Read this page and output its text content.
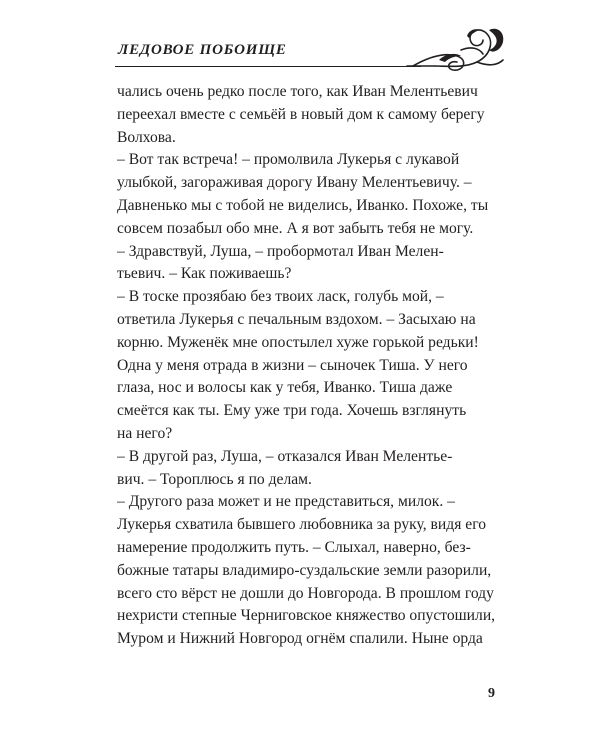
ЛЕДОВОЕ ПОБОИЩЕ
чались очень редко после того, как Иван Мелентьевич
переехал вместе с семьёй в новый дом к самому берегу
Волхова.
– Вот так встреча! – промолвила Лукерья с лукавой
улыбкой, загораживая дорогу Ивану Мелентьевичу. –
Давненько мы с тобой не виделись, Иванко. Похоже, ты
совсем позабыл обо мне. А я вот забыть тебя не могу.
– Здравствуй, Луша, – пробормотал Иван Мелен-
тьевич. – Как поживаешь?
– В тоске прозябаю без твоих ласк, голубь мой, –
ответила Лукерья с печальным вздохом. – Засыхаю на
корню. Муженёк мне опостылел хуже горькой редьки!
Одна у меня отрада в жизни – сыночек Тиша. У него
глаза, нос и волосы как у тебя, Иванко. Тиша даже
смеётся как ты. Ему уже три года. Хочешь взглянуть
на него?
– В другой раз, Луша, – отказался Иван Мелентье-
вич. – Тороплюсь я по делам.
– Другого раза может и не представиться, милок. –
Лукерья схватила бывшего любовника за руку, видя его
намерение продолжить путь. – Слыхал, наверно, без-
божные татары владимиро-суздальские земли разорили,
всего сто вёрст не дошли до Новгорода. В прошлом году
нехристи степные Черниговское княжество опустошили,
Муром и Нижний Новгород огнём спалили. Ныне орда
9
